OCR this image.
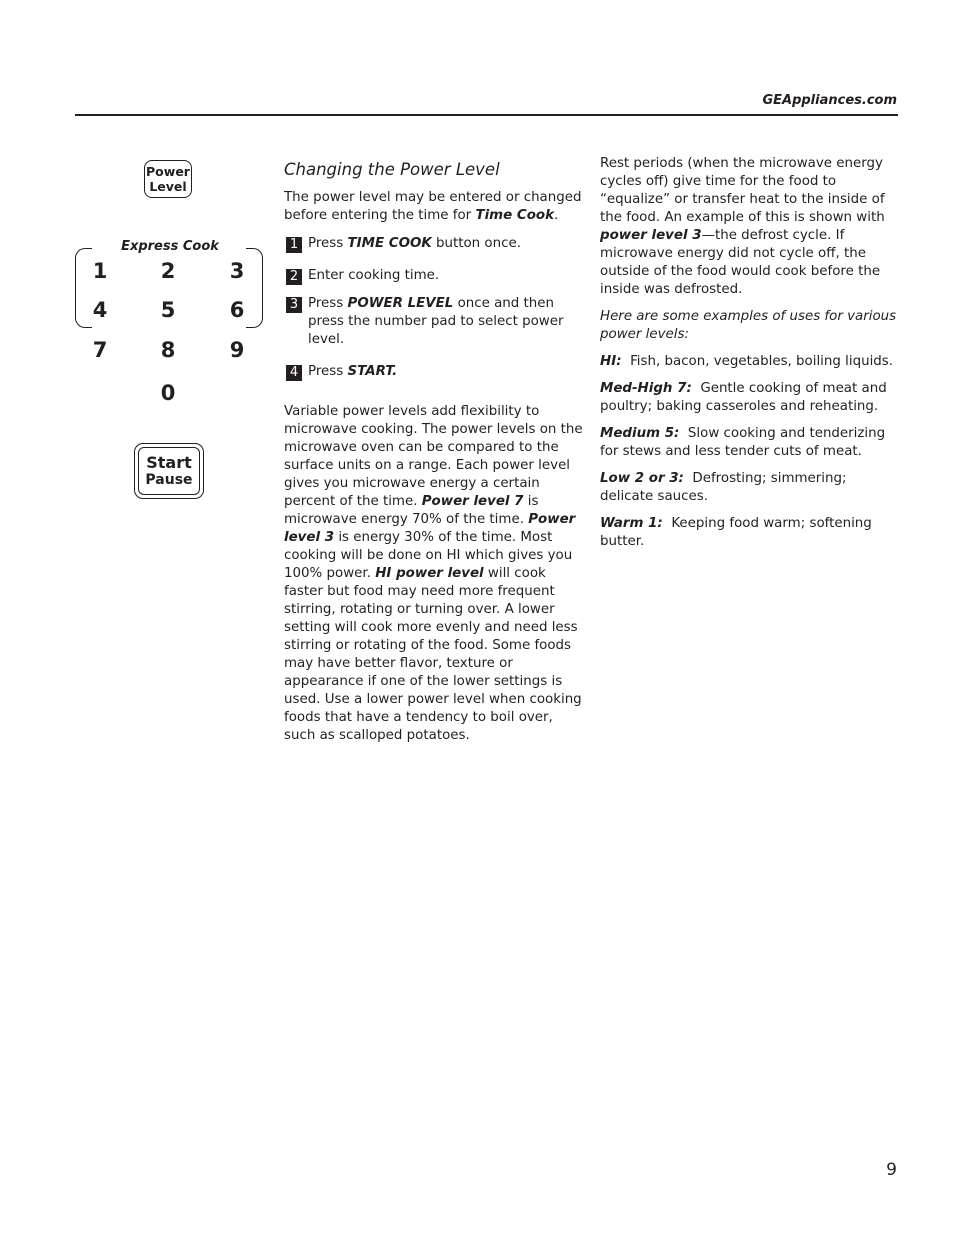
GEAppliances.com
Power
Level
Express Cook
1	2	3
4	5	6
7	8	9
0
Start
Pause
Changing the Power Level

The power level may be entered or changed before entering the time for Time Cook.

1 Press TIME COOK button once.
2 Enter cooking time.
3 Press POWER LEVEL once and then press the number pad to select power level.
4 Press START.

Variable power levels add flexibility to microwave cooking. The power levels on the microwave oven can be compared to the surface units on a range. Each power level gives you microwave energy a certain percent of the time. Power level 7 is microwave energy 70% of the time. Power level 3 is energy 30% of the time. Most cooking will be done on HI which gives you 100% power. HI power level will cook faster but food may need more frequent stirring, rotating or turning over. A lower setting will cook more evenly and need less stirring or rotating of the food. Some foods may have better flavor, texture or appearance if one of the lower settings is used. Use a lower power level when cooking foods that have a tendency to boil over, such as scalloped potatoes.

Rest periods (when the microwave energy cycles off) give time for the food to “equalize” or transfer heat to the inside of the food. An example of this is shown with power level 3—the defrost cycle. If microwave energy did not cycle off, the outside of the food would cook before the inside was defrosted.

Here are some examples of uses for various power levels:

HI: Fish, bacon, vegetables, boiling liquids.

Med-High 7: Gentle cooking of meat and poultry; baking casseroles and reheating.

Medium 5: Slow cooking and tenderizing for stews and less tender cuts of meat.

Low 2 or 3: Defrosting; simmering; delicate sauces.

Warm 1: Keeping food warm; softening butter.

9
